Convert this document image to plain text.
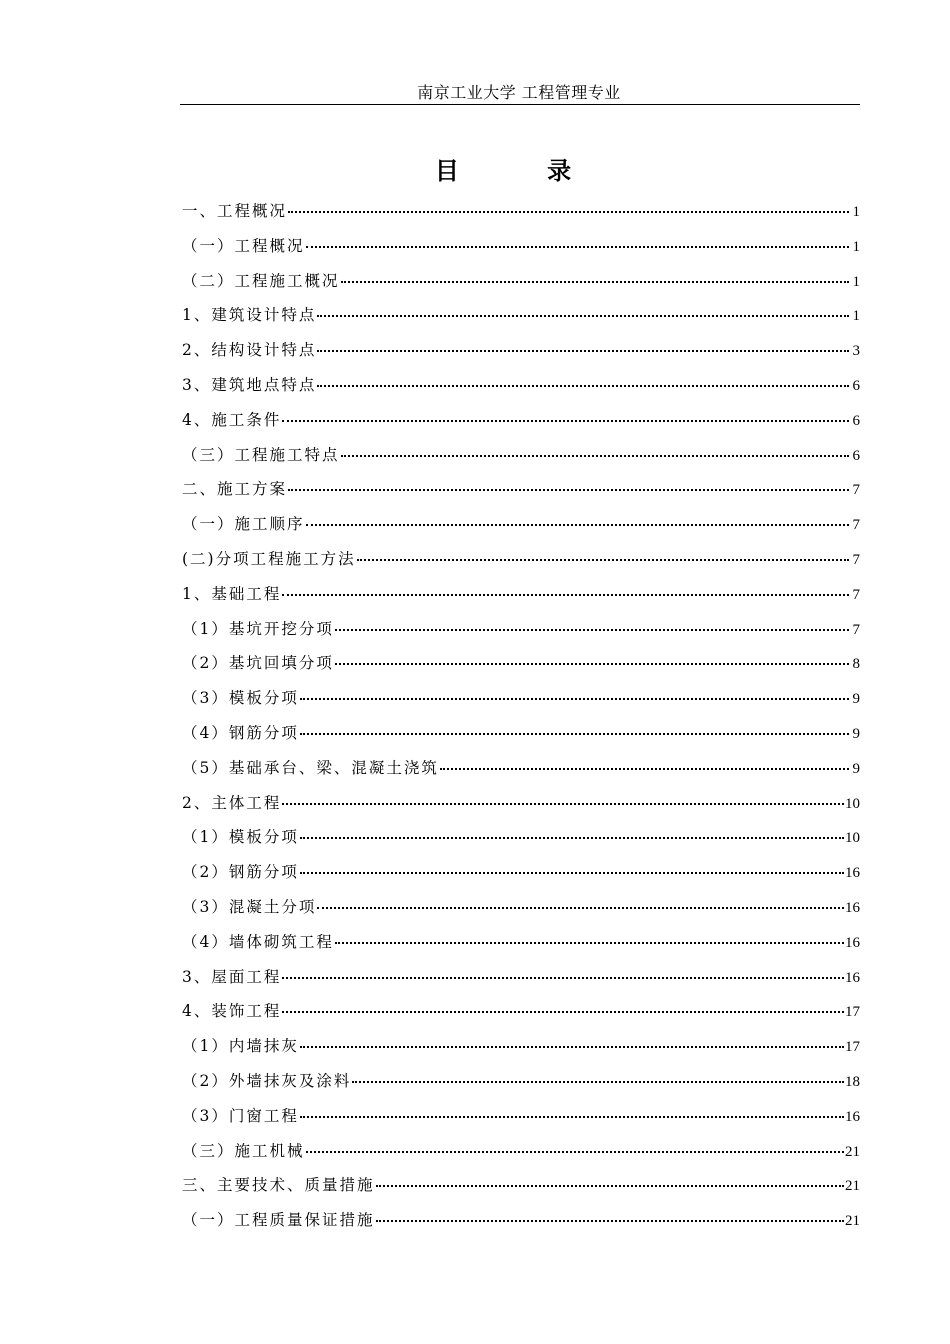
南京工业大学 工程管理专业
目 录
一、工程概况	1
（一）工程概况	1
（二）工程施工概况	1
1、建筑设计特点	1
2、结构设计特点	3
3、建筑地点特点	6
4、施工条件	6
（三）工程施工特点	6
二、施工方案	7
（一）施工顺序	7
(二)分项工程施工方法	7
1、基础工程	7
（1）基坑开挖分项	7
（2）基坑回填分项	8
（3）模板分项	9
（4）钢筋分项	9
（5）基础承台、梁、混凝土浇筑	9
2、主体工程	10
（1）模板分项	10
（2）钢筋分项	16
（3）混凝土分项	16
（4）墙体砌筑工程	16
3、屋面工程	16
4、装饰工程	17
（1）内墙抹灰	17
（2）外墙抹灰及涂料	18
（3）门窗工程	16
（三）施工机械	21
三、主要技术、质量措施	21
（一）工程质量保证措施	21
